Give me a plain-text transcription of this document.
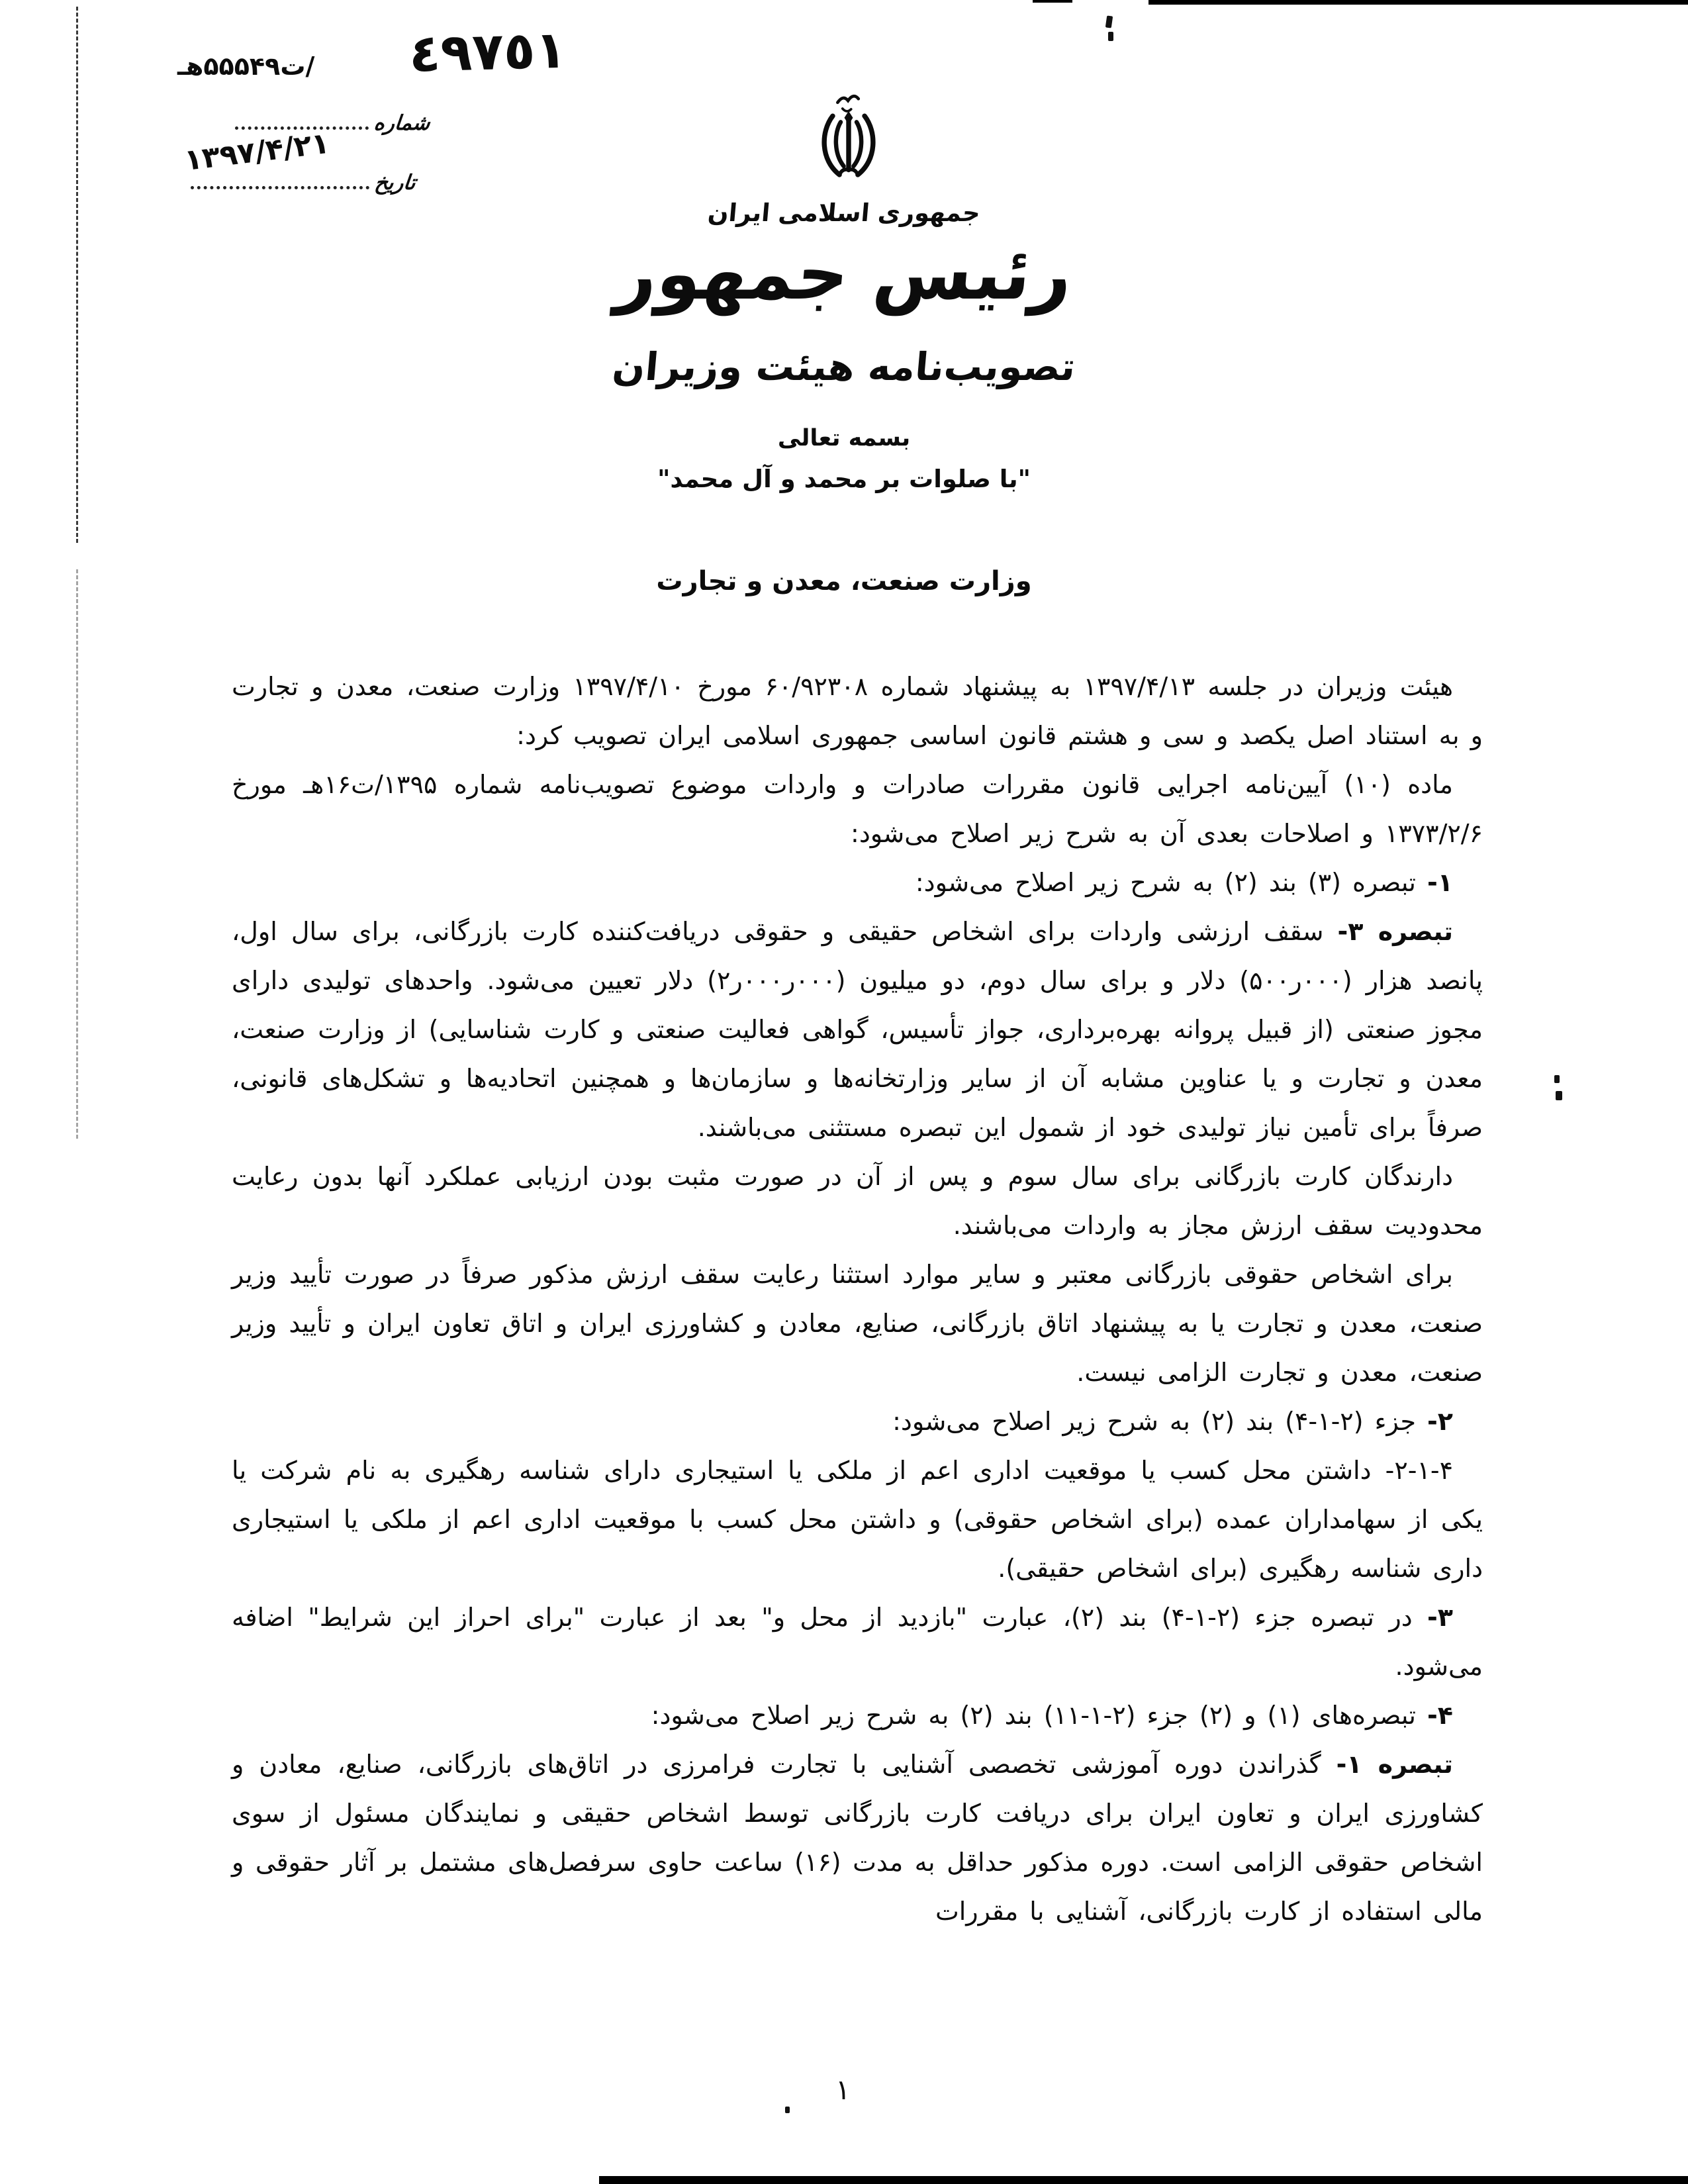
٤٩٧٥١
/ت۵۵۵۴۹هـ
شماره
۱۳۹۷/۴/۲۱
تاریخ
جمهوری اسلامی ایران
رئیس جمهور
تصویب‌نامه هیئت وزیران
بسمه تعالی
"با صلوات بر محمد و آل محمد"
وزارت صنعت، معدن و تجارت

هیئت وزیران در جلسه ۱۳۹۷/۴/۱۳ به پیشنهاد شماره ۶۰/۹۲۳۰۸ مورخ ۱۳۹۷/۴/۱۰ وزارت صنعت، معدن و تجارت و به استناد اصل یکصد و سی و هشتم قانون اساسی جمهوری اسلامی ایران تصویب کرد:

ماده (۱۰) آیین‌نامه اجرایی قانون مقررات صادرات و واردات موضوع تصویب‌نامه شماره ۱۳۹۵/ت۱۶هـ مورخ ۱۳۷۳/۲/۶ و اصلاحات بعدی آن به شرح زیر اصلاح می‌شود:

۱- تبصره (۳) بند (۲) به شرح زیر اصلاح می‌شود:

تبصره ۳- سقف ارزشی واردات برای اشخاص حقیقی و حقوقی دریافت‌کننده کارت بازرگانی، برای سال اول، پانصد هزار (۰۰۰ر۵۰۰) دلار و برای سال دوم، دو میلیون (۰۰۰ر۰۰۰ر۲) دلار تعیین می‌شود. واحدهای تولیدی دارای مجوز صنعتی (از قبیل پروانه بهره‌برداری، جواز تأسیس، گواهی فعالیت صنعتی و کارت شناسایی) از وزارت صنعت، معدن و تجارت و یا عناوین مشابه آن از سایر وزارتخانه‌ها و سازمان‌ها و همچنین اتحادیه‌ها و تشکل‌های قانونی، صرفاً برای تأمین نیاز تولیدی خود از شمول این تبصره مستثنی می‌باشند.

دارندگان کارت بازرگانی برای سال سوم و پس از آن در صورت مثبت بودن ارزیابی عملکرد آنها بدون رعایت محدودیت سقف ارزش مجاز به واردات می‌باشند.

برای اشخاص حقوقی بازرگانی معتبر و سایر موارد استثنا رعایت سقف ارزش مذکور صرفاً در صورت تأیید وزیر صنعت، معدن و تجارت یا به پیشنهاد اتاق بازرگانی، صنایع، معادن و کشاورزی ایران و اتاق تعاون ایران و تأیید وزیر صنعت، معدن و تجارت الزامی نیست.

۲- جزء (۲-۱-۴) بند (۲) به شرح زیر اصلاح می‌شود:

۲-۱-۴- داشتن محل کسب یا موقعیت اداری اعم از ملکی یا استیجاری دارای شناسه رهگیری به نام شرکت یا یکی از سهامداران عمده (برای اشخاص حقوقی) و داشتن محل کسب با موقعیت اداری اعم از ملکی یا استیجاری داری شناسه رهگیری (برای اشخاص حقیقی).

۳- در تبصره جزء (۲-۱-۴) بند (۲)، عبارت "بازدید از محل و" بعد از عبارت "برای احراز این شرایط" اضافه می‌شود.

۴- تبصره‌های (۱) و (۲) جزء (۲-۱-۱۱) بند (۲) به شرح زیر اصلاح می‌شود:

تبصره ۱- گذراندن دوره آموزشی تخصصی آشنایی با تجارت فرامرزی در اتاق‌های بازرگانی، صنایع، معادن و کشاورزی ایران و تعاون ایران برای دریافت کارت بازرگانی توسط اشخاص حقیقی و نمایندگان مسئول از سوی اشخاص حقوقی الزامی است. دوره مذکور حداقل به مدت (۱۶) ساعت حاوی سرفصل‌های مشتمل بر آثار حقوقی و مالی استفاده از کارت بازرگانی، آشنایی با مقررات

۱
